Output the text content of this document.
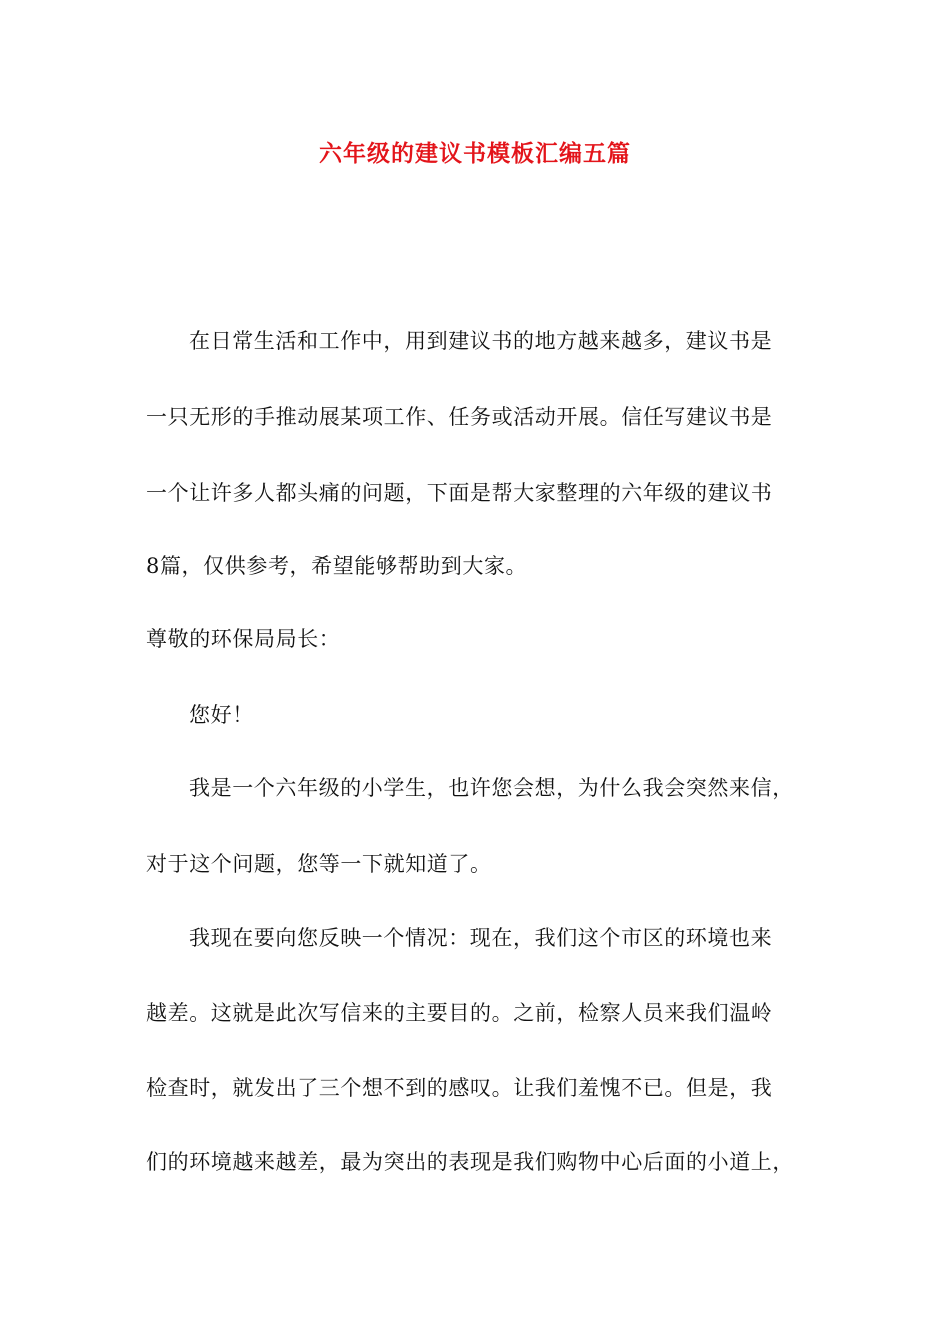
六年级的建议书模板汇编五篇
在日常生活和工作中，用到建议书的地方越来越多，建议书是
一只无形的手推动展某项工作、任务或活动开展。信任写建议书是
一个让许多人都头痛的问题，下面是帮大家整理的六年级的建议书
8篇，仅供参考，希望能够帮助到大家。
尊敬的环保局局长：
您好！
我是一个六年级的小学生，也许您会想，为什么我会突然来信，
对于这个问题，您等一下就知道了。
我现在要向您反映一个情况：现在，我们这个市区的环境也来
越差。这就是此次写信来的主要目的。之前，检察人员来我们温岭
检查时，就发出了三个想不到的感叹。让我们羞愧不已。但是，我
们的环境越来越差，最为突出的表现是我们购物中心后面的小道上，
